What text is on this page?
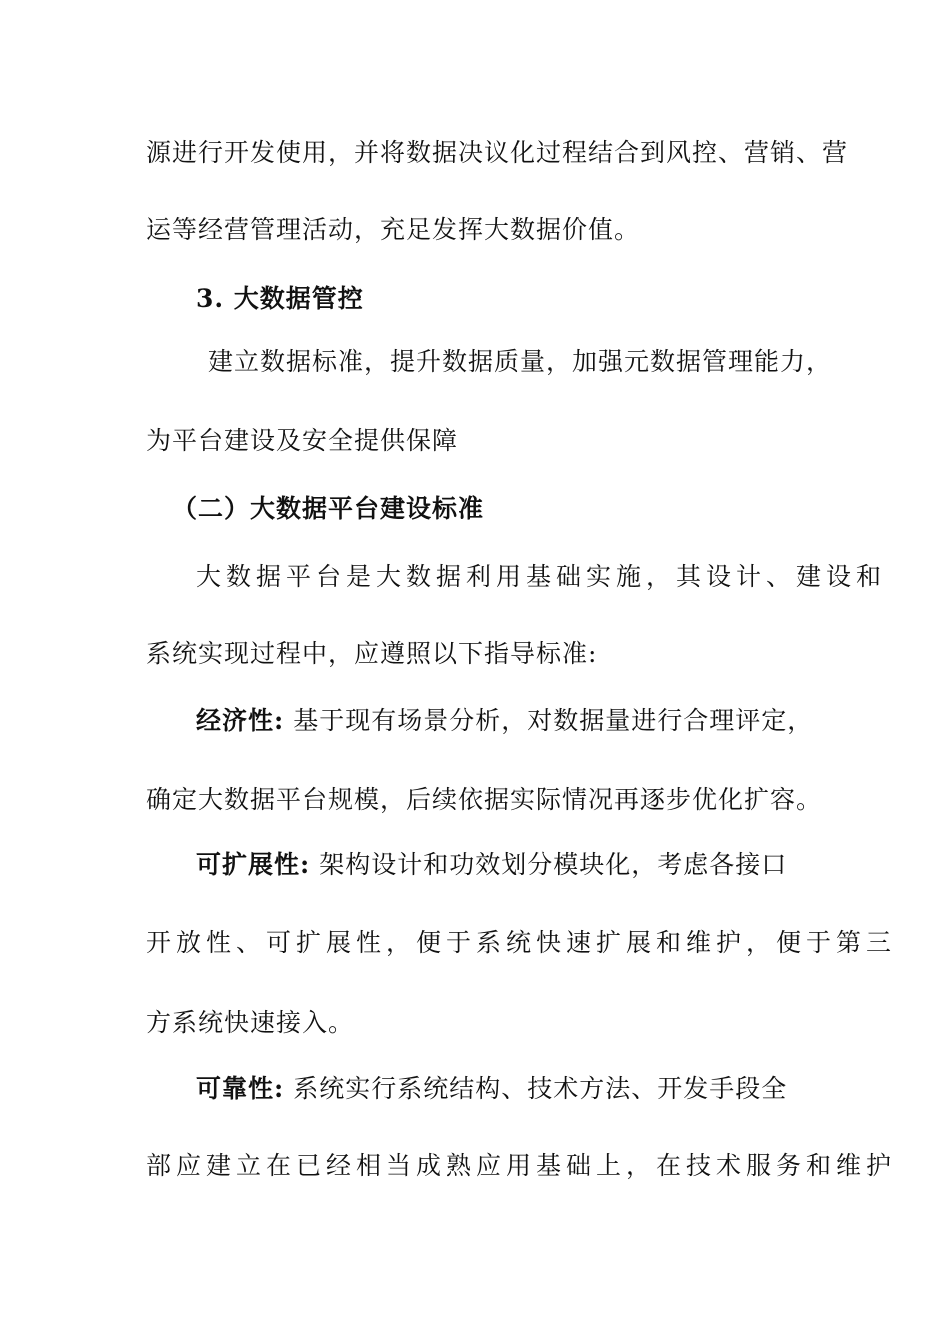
源进行开发使用，并将数据决议化过程结合到风控、营销、营
运等经营管理活动，充足发挥大数据价值。
3. 大数据管控
建立数据标准，提升数据质量，加强元数据管理能力，
为平台建设及安全提供保障
（二）大数据平台建设标准
大数据平台是大数据利用基础实施，其设计、建设和
系统实现过程中，应遵照以下指导标准:
经济性: 基于现有场景分析，对数据量进行合理评定，
确定大数据平台规模，后续依据实际情况再逐步优化扩容。
可扩展性: 架构设计和功效划分模块化，考虑各接口
开放性、可扩展性，便于系统快速扩展和维护，便于第三
方系统快速接入。
可靠性: 系统实行系统结构、技术方法、开发手段全
部应建立在已经相当成熟应用基础上，在技术服务和维护
